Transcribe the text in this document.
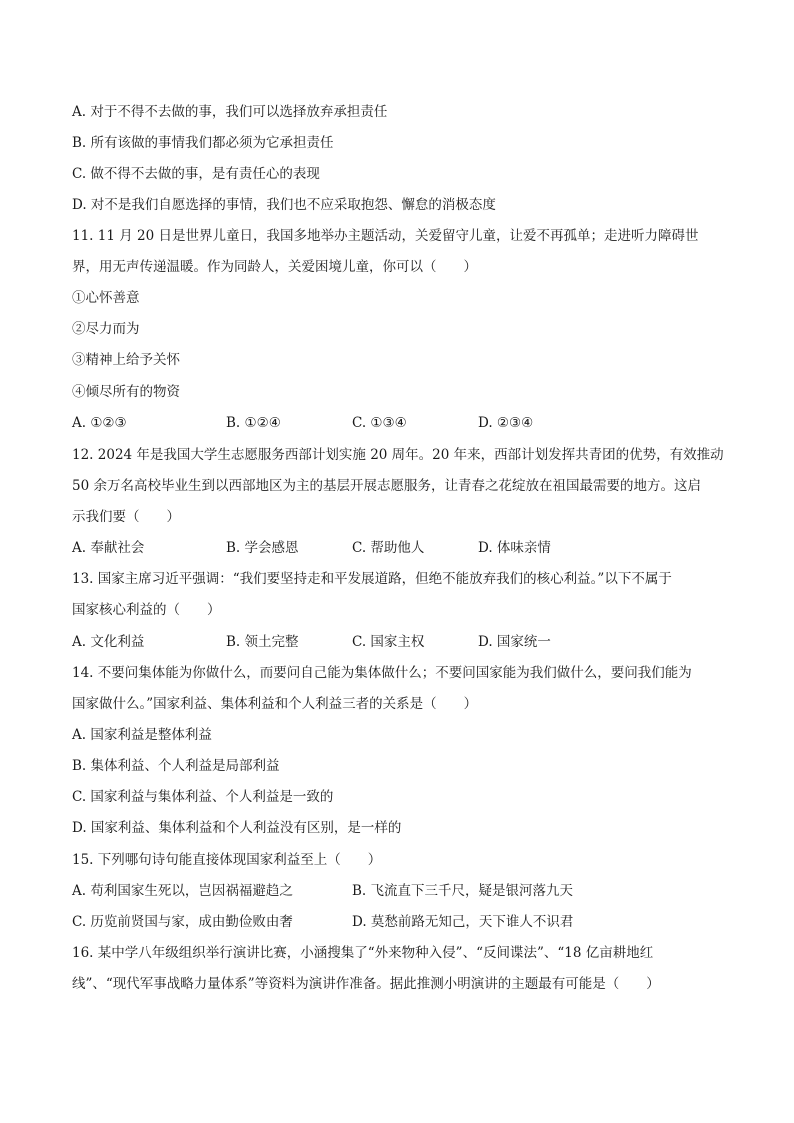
A. 对于不得不去做的事，我们可以选择放弃承担责任
B. 所有该做的事情我们都必须为它承担责任
C. 做不得不去做的事，是有责任心的表现
D. 对不是我们自愿选择的事情，我们也不应采取抱怨、懈怠的消极态度
11. 11 月 20 日是世界儿童日，我国多地举办主题活动，关爱留守儿童，让爱不再孤单；走进听力障碍世
界，用无声传递温暖。作为同龄人，关爱困境儿童，你可以（　　）
①心怀善意
②尽力而为
③精神上给予关怀
④倾尽所有的物资
A. ①②③	B. ①②④	C. ①③④	D. ②③④
12. 2024 年是我国大学生志愿服务西部计划实施 20 周年。20 年来，西部计划发挥共青团的优势，有效推动
50 余万名高校毕业生到以西部地区为主的基层开展志愿服务，让青春之花绽放在祖国最需要的地方。这启
示我们要（　　）
A. 奉献社会	B. 学会感恩	C. 帮助他人	D. 体味亲情
13. 国家主席习近平强调：“我们要坚持走和平发展道路，但绝不能放弃我们的核心利益。”以下不属于
国家核心利益的（　　）
A. 文化利益	B. 领土完整	C. 国家主权	D. 国家统一
14. 不要问集体能为你做什么，而要问自己能为集体做什么；不要问国家能为我们做什么，要问我们能为
国家做什么。”国家利益、集体利益和个人利益三者的关系是（　　）
A. 国家利益是整体利益
B. 集体利益、个人利益是局部利益
C. 国家利益与集体利益、个人利益是一致的
D. 国家利益、集体利益和个人利益没有区别，是一样的
15. 下列哪句诗句能直接体现国家利益至上（　　）
A. 苟利国家生死以，岂因祸福避趋之	B. 飞流直下三千尺，疑是银河落九天
C. 历览前贤国与家，成由勤俭败由奢	D. 莫愁前路无知己，天下谁人不识君
16. 某中学八年级组织举行演讲比赛，小涵搜集了“外来物种入侵”、“反间谍法”、“18 亿亩耕地红
线”、“现代军事战略力量体系”等资料为演讲作准备。据此推测小明演讲的主题最有可能是（　　）
